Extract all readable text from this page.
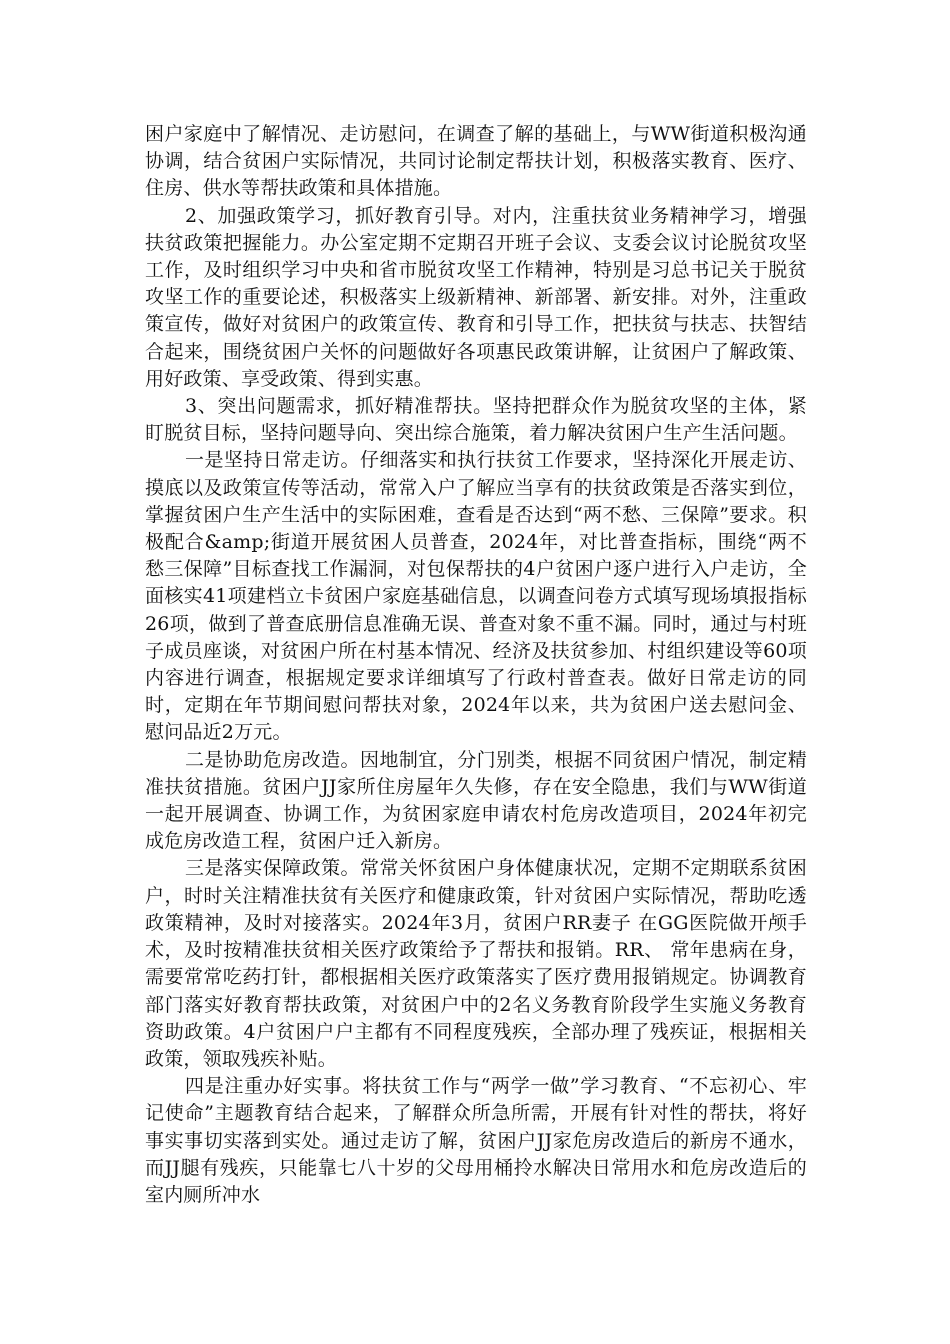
困户家庭中了解情况、走访慰问，在调查了解的基础上，与WW街道积极沟通协调，结合贫困户实际情况，共同讨论制定帮扶计划，积极落实教育、医疗、住房、供水等帮扶政策和具体措施。

2、加强政策学习，抓好教育引导。对内，注重扶贫业务精神学习，增强扶贫政策把握能力。办公室定期不定期召开班子会议、支委会议讨论脱贫攻坚工作，及时组织学习中央和省市脱贫攻坚工作精神，特别是习总书记关于脱贫攻坚工作的重要论述，积极落实上级新精神、新部署、新安排。对外，注重政策宣传，做好对贫困户的政策宣传、教育和引导工作，把扶贫与扶志、扶智结合起来，围绕贫困户关怀的问题做好各项惠民政策讲解，让贫困户了解政策、用好政策、享受政策、得到实惠。

3、突出问题需求，抓好精准帮扶。坚持把群众作为脱贫攻坚的主体，紧盯脱贫目标，坚持问题导向、突出综合施策，着力解决贫困户生产生活问题。

一是坚持日常走访。仔细落实和执行扶贫工作要求，坚持深化开展走访、摸底以及政策宣传等活动，常常入户了解应当享有的扶贫政策是否落实到位，掌握贫困户生产生活中的实际困难，查看是否达到“两不愁、三保障”要求。积极配合&amp;街道开展贫困人员普查，2024年，对比普查指标，围绕“两不愁三保障”目标查找工作漏洞，对包保帮扶的4户贫困户逐户进行入户走访，全面核实41项建档立卡贫困户家庭基础信息，以调查问卷方式填写现场填报指标26项，做到了普查底册信息准确无误、普查对象不重不漏。同时，通过与村班子成员座谈，对贫困户所在村基本情况、经济及扶贫参加、村组织建设等60项内容进行调查，根据规定要求详细填写了行政村普查表。做好日常走访的同时，定期在年节期间慰问帮扶对象，2024年以来，共为贫困户送去慰问金、慰问品近2万元。

二是协助危房改造。因地制宜，分门别类，根据不同贫困户情况，制定精准扶贫措施。贫困户JJ家所住房屋年久失修，存在安全隐患，我们与WW街道一起开展调查、协调工作，为贫困家庭申请农村危房改造项目，2024年初完成危房改造工程，贫困户迁入新房。

三是落实保障政策。常常关怀贫困户身体健康状况，定期不定期联系贫困户，时时关注精准扶贫有关医疗和健康政策，针对贫困户实际情况，帮助吃透政策精神，及时对接落实。2024年3月，贫困户RR妻子 在GG医院做开颅手术，及时按精准扶贫相关医疗政策给予了帮扶和报销。RR、 常年患病在身，需要常常吃药打针，都根据相关医疗政策落实了医疗费用报销规定。协调教育部门落实好教育帮扶政策，对贫困户中的2名义务教育阶段学生实施义务教育资助政策。4户贫困户户主都有不同程度残疾，全部办理了残疾证，根据相关政策，领取残疾补贴。

四是注重办好实事。将扶贫工作与“两学一做”学习教育、“不忘初心、牢记使命”主题教育结合起来，了解群众所急所需，开展有针对性的帮扶，将好事实事切实落到实处。通过走访了解，贫困户JJ家危房改造后的新房不通水，而JJ腿有残疾，只能靠七八十岁的父母用桶拎水解决日常用水和危房改造后的室内厕所冲水
